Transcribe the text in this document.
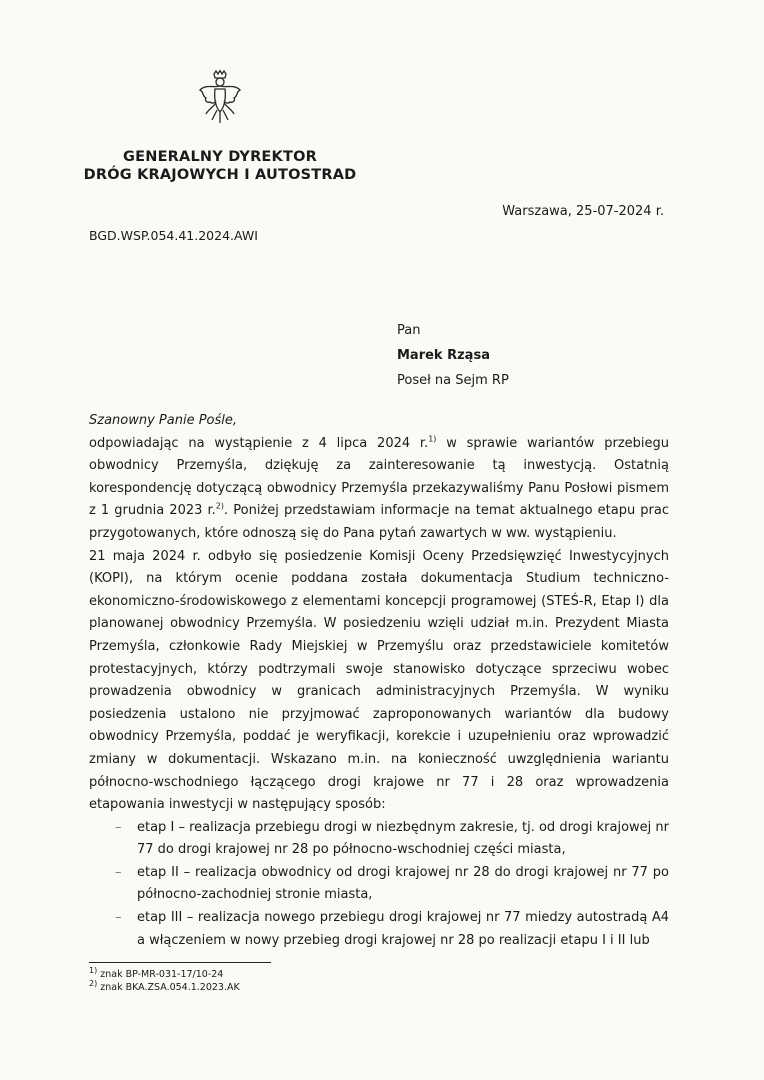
GENERALNY DYREKTOR
DRÓG KRAJOWYCH I AUTOSTRAD
Warszawa, 25-07-2024 r.
BGD.WSP.054.41.2024.AWI
Pan
Marek Rząsa
Poseł na Sejm RP

Szanowny Panie Pośle,

odpowiadając na wystąpienie z 4 lipca 2024 r.$^{1)}$ w sprawie wariantów przebiegu obwodnicy Przemyśla, dziękuję za zainteresowanie tą inwestycją. Ostatnią korespondencję dotyczącą obwodnicy Przemyśla przekazywaliśmy Panu Posłowi pismem z 1 grudnia 2023 r.$^{2)}$. Poniżej przedstawiam informacje na temat aktualnego etapu prac przygotowanych, które odnoszą się do Pana pytań zawartych w ww. wystąpieniu.

21 maja 2024 r. odbyło się posiedzenie Komisji Oceny Przedsięwzięć Inwestycyjnych (KOPI), na którym ocenie poddana została dokumentacja Studium techniczno-ekonomiczno-środowiskowego z elementami koncepcji programowej (STEŚ-R, Etap I) dla planowanej obwodnicy Przemyśla. W posiedzeniu wzięli udział m.in. Prezydent Miasta Przemyśla, członkowie Rady Miejskiej w Przemyślu oraz przedstawiciele komitetów protestacyjnych, którzy podtrzymali swoje stanowisko dotyczące sprzeciwu wobec prowadzenia obwodnicy w granicach administracyjnych Przemyśla. W wyniku posiedzenia ustalono nie przyjmować zaproponowanych wariantów dla budowy obwodnicy Przemyśla, poddać je weryfikacji, korekcie i uzupełnieniu oraz wprowadzić zmiany w dokumentacji. Wskazano m.in. na konieczność uwzględnienia wariantu północno-wschodniego łączącego drogi krajowe nr 77 i 28 oraz wprowadzenia etapowania inwestycji w następujący sposób:

– etap I – realizacja przebiegu drogi w niezbędnym zakresie, tj. od drogi krajowej nr 77 do drogi krajowej nr 28 po północno-wschodniej części miasta,
– etap II – realizacja obwodnicy od drogi krajowej nr 28 do drogi krajowej nr 77 po północno-zachodniej stronie miasta,
– etap III – realizacja nowego przebiegu drogi krajowej nr 77 miedzy autostradą A4 a włączeniem w nowy przebieg drogi krajowej nr 28 po realizacji etapu I i II lub
$^{1)}$ znak BP-MR-031-17/10-24
$^{2)}$ znak BKA.ZSA.054.1.2023.AK
